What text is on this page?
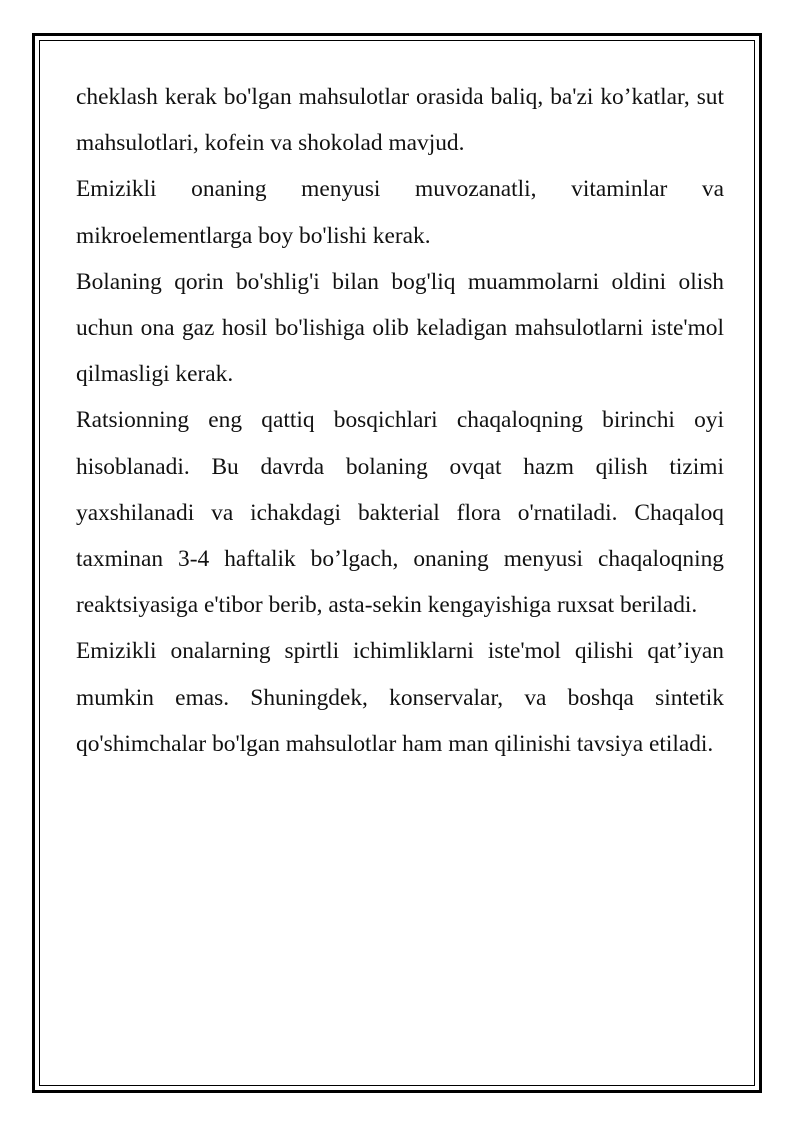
cheklash kerak bo'lgan mahsulotlar orasida baliq, ba'zi ko’katlar, sut mahsulotlari, kofein va shokolad mavjud.

Emizikli onaning menyusi muvozanatli, vitaminlar va mikroelementlarga boy bo'lishi kerak.

Bolaning qorin bo'shlig'i bilan bog'liq muammolarni oldini olish uchun ona gaz hosil bo'lishiga olib keladigan mahsulotlarni iste'mol qilmasligi kerak.

Ratsionning eng qattiq bosqichlari chaqaloqning birinchi oyi hisoblanadi. Bu davrda bolaning ovqat hazm qilish tizimi yaxshilanadi va ichakdagi bakterial flora o'rnatiladi. Chaqaloq taxminan 3-4 haftalik bo’lgach, onaning menyusi chaqaloqning reaktsiyasiga e'tibor berib, asta-sekin kengayishiga ruxsat beriladi.

Emizikli onalarning spirtli ichimliklarni iste'mol qilishi qat’iyan mumkin emas. Shuningdek, konservalar, va boshqa sintetik qo'shimchalar bo'lgan mahsulotlar ham man qilinishi tavsiya etiladi.
